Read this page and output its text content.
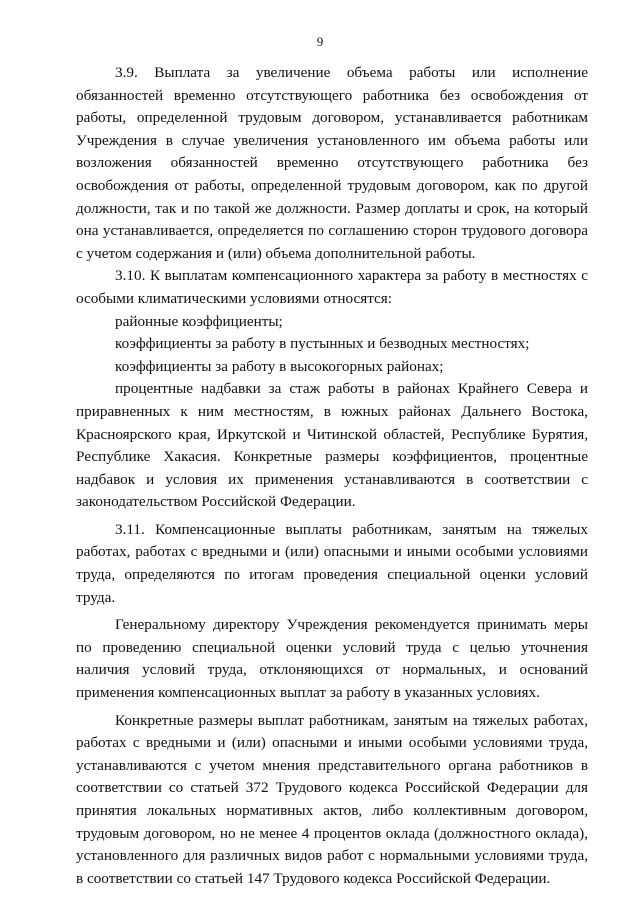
9

3.9. Выплата за увеличение объема работы или исполнение обязанностей временно отсутствующего работника без освобождения от работы, определенной трудовым договором, устанавливается работникам Учреждения в случае увеличения установленного им объема работы или возложения обязанностей временно отсутствующего работника без освобождения от работы, определенной трудовым договором, как по другой должности, так и по такой же должности. Размер доплаты и срок, на который она устанавливается, определяется по соглашению сторон трудового договора с учетом содержания и (или) объема дополнительной работы.

3.10. К выплатам компенсационного характера за работу в местностях с особыми климатическими условиями относятся:

районные коэффициенты;

коэффициенты за работу в пустынных и безводных местностях;

коэффициенты за работу в высокогорных районах;

процентные надбавки за стаж работы в районах Крайнего Севера и приравненных к ним местностям, в южных районах Дальнего Востока, Красноярского края, Иркутской и Читинской областей, Республике Бурятия, Республике Хакасия. Конкретные размеры коэффициентов, процентные надбавок и условия их применения устанавливаются в соответствии с законодательством Российской Федерации.

3.11. Компенсационные выплаты работникам, занятым на тяжелых работах, работах с вредными и (или) опасными и иными особыми условиями труда, определяются по итогам проведения специальной оценки условий труда.

Генеральному директору Учреждения рекомендуется принимать меры по проведению специальной оценки условий труда с целью уточнения наличия условий труда, отклоняющихся от нормальных, и оснований применения компенсационных выплат за работу в указанных условиях.

Конкретные размеры выплат работникам, занятым на тяжелых работах, работах с вредными и (или) опасными и иными особыми условиями труда, устанавливаются с учетом мнения представительного органа работников в соответствии со статьей 372 Трудового кодекса Российской Федерации для принятия локальных нормативных актов, либо коллективным договором, трудовым договором, но не менее 4 процентов оклада (должностного оклада), установленного для различных видов работ с нормальными условиями труда, в соответствии со статьей 147 Трудового кодекса Российской Федерации.
